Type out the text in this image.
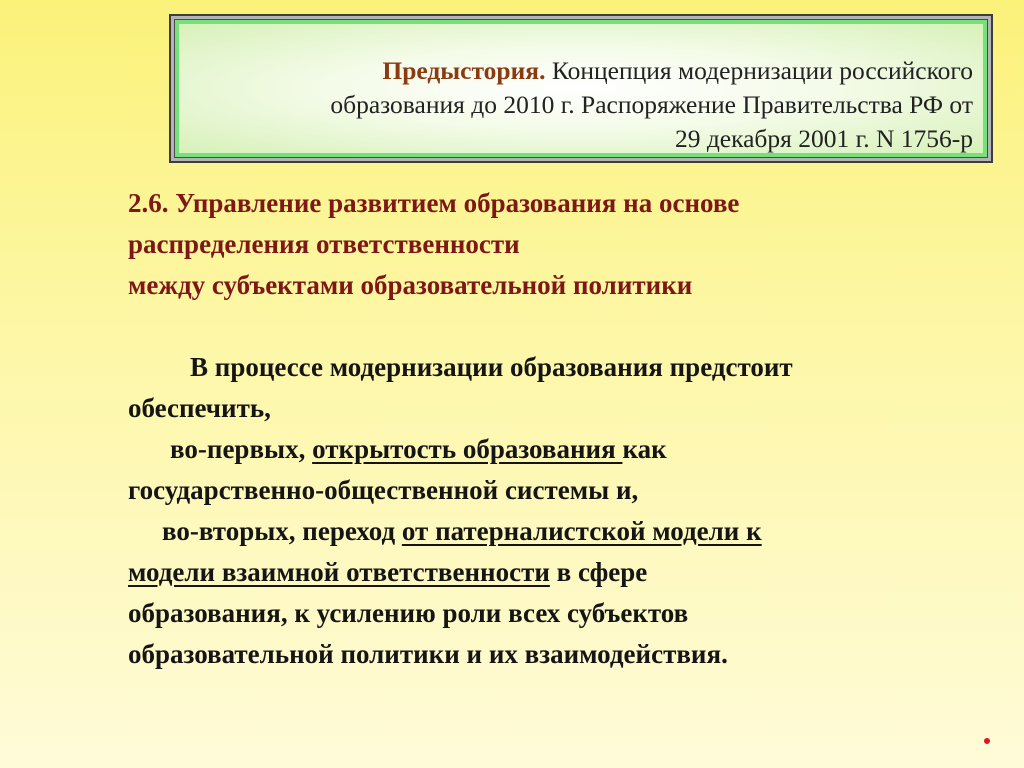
Предыстория. Концепция модернизации российского
образования до 2010 г. Распоряжение Правительства РФ от
29 декабря 2001 г. N 1756-р
2.6. Управление развитием образования на основе
распределения ответственности
между субъектами образовательной политики
В процессе модернизации образования предстоит
обеспечить,
во-первых, открытость образования как
государственно-общественной системы и,
во-вторых, переход от патерналистской модели к
модели взаимной ответственности в сфере
образования, к усилению роли всех субъектов
образовательной политики и их взаимодействия.
